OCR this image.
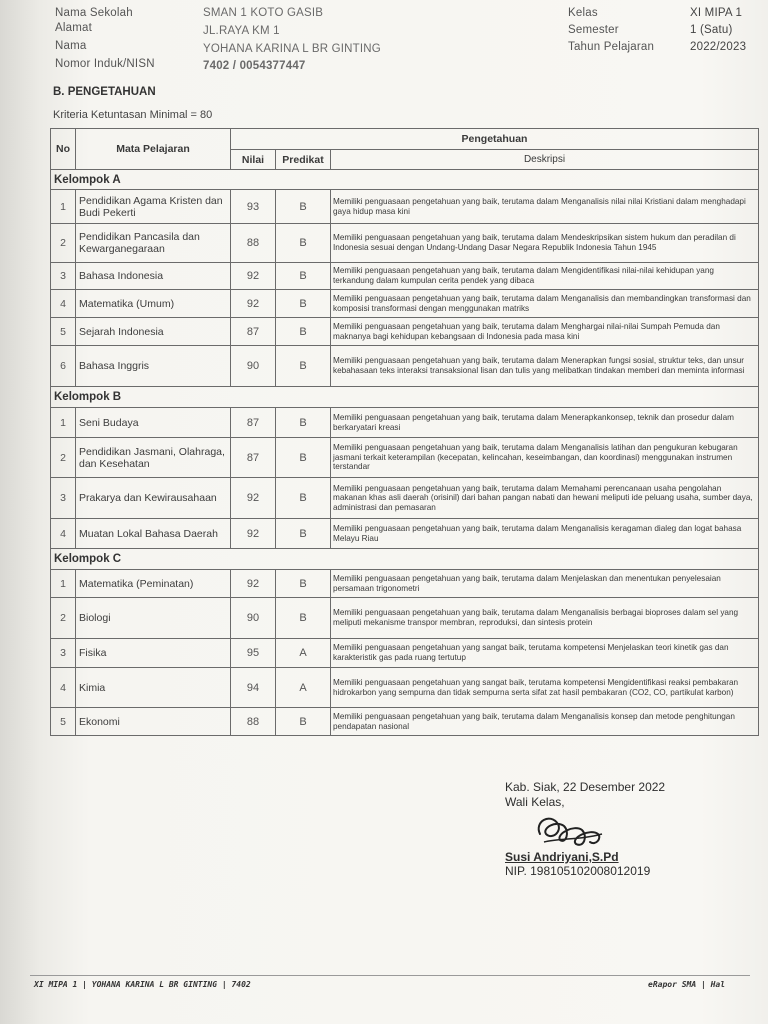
Nama Sekolah	SMAN 1 KOTO GASIB
Alamat	JL.RAYA KM 1
Nama	YOHANA KARINA L BR GINTING
Nomor Induk/NISN	7402 / 0054377447
Kelas	XI MIPA 1
Semester	1 (Satu)
Tahun Pelajaran	2022/2023
B. PENGETAHUAN
Kriteria Ketuntasan Minimal = 80
No	Mata Pelajaran	Pengetahuan		
		Nilai	Predikat	Deskripsi
Kelompok A				
1	Pendidikan Agama Kristen dan Budi Pekerti	93	B	Memiliki penguasaan pengetahuan yang baik, terutama dalam Menganalisis nilai nilai Kristiani dalam menghadapi gaya hidup masa kini
2	Pendidikan Pancasila dan Kewarganegaraan	88	B	Memiliki penguasaan pengetahuan yang baik, terutama dalam Mendeskripsikan sistem hukum dan peradilan di Indonesia sesuai dengan Undang-Undang Dasar Negara Republik Indonesia Tahun 1945
3	Bahasa Indonesia	92	B	Memiliki penguasaan pengetahuan yang baik, terutama dalam Mengidentifikasi nilai-nilai kehidupan yang terkandung dalam kumpulan cerita pendek yang dibaca
4	Matematika (Umum)	92	B	Memiliki penguasaan pengetahuan yang baik, terutama dalam Menganalisis dan membandingkan transformasi dan komposisi transformasi dengan menggunakan matriks
5	Sejarah Indonesia	87	B	Memiliki penguasaan pengetahuan yang baik, terutama dalam Menghargai nilai-nilai Sumpah Pemuda dan maknanya bagi kehidupan kebangsaan di Indonesia pada masa kini
6	Bahasa Inggris	90	B	Memiliki penguasaan pengetahuan yang baik, terutama dalam Menerapkan fungsi sosial, struktur teks, dan unsur kebahasaan teks interaksi transaksional lisan dan tulis yang melibatkan tindakan memberi dan meminta informasi
Kelompok B				
1	Seni Budaya	87	B	Memiliki penguasaan pengetahuan yang baik, terutama dalam Menerapkankonsep, teknik dan prosedur dalam berkaryatari kreasi
2	Pendidikan Jasmani, Olahraga, dan Kesehatan	87	B	Memiliki penguasaan pengetahuan yang baik, terutama dalam Menganalisis latihan dan pengukuran kebugaran jasmani terkait keterampilan (kecepatan, kelincahan, keseimbangan, dan koordinasi) menggunakan instrumen terstandar
3	Prakarya dan Kewirausahaan	92	B	Memiliki penguasaan pengetahuan yang baik, terutama dalam Memahami perencanaan usaha pengolahan makanan khas asli daerah (orisinil) dari bahan pangan nabati dan hewani meliputi ide peluang usaha, sumber daya, administrasi dan pemasaran
4	Muatan Lokal Bahasa Daerah	92	B	Memiliki penguasaan pengetahuan yang baik, terutama dalam Menganalisis keragaman dialeg dan logat bahasa Melayu Riau
Kelompok C				
1	Matematika (Peminatan)	92	B	Memiliki penguasaan pengetahuan yang baik, terutama dalam Menjelaskan dan menentukan penyelesaian persamaan trigonometri
2	Biologi	90	B	Memiliki penguasaan pengetahuan yang baik, terutama dalam Menganalisis berbagai bioproses dalam sel yang meliputi mekanisme transpor membran, reproduksi, dan sintesis protein
3	Fisika	95	A	Memiliki penguasaan pengetahuan yang sangat baik, terutama kompetensi Menjelaskan teori kinetik gas dan karakteristik gas pada ruang tertutup
4	Kimia	94	A	Memiliki penguasaan pengetahuan yang sangat baik, terutama kompetensi Mengidentifikasi reaksi pembakaran hidrokarbon yang sempurna dan tidak sempurna serta sifat zat hasil pembakaran (CO2, CO, partikulat karbon)
5	Ekonomi	88	B	Memiliki penguasaan pengetahuan yang baik, terutama dalam Menganalisis konsep dan metode penghitungan pendapatan nasional
Kab. Siak, 22 Desember 2022
Wali Kelas,
Susi Andriyani,S.Pd
NIP. 198105102008012019
XI MIPA 1 | YOHANA KARINA L BR GINTING | 7402	eRapor SMA | Hal
